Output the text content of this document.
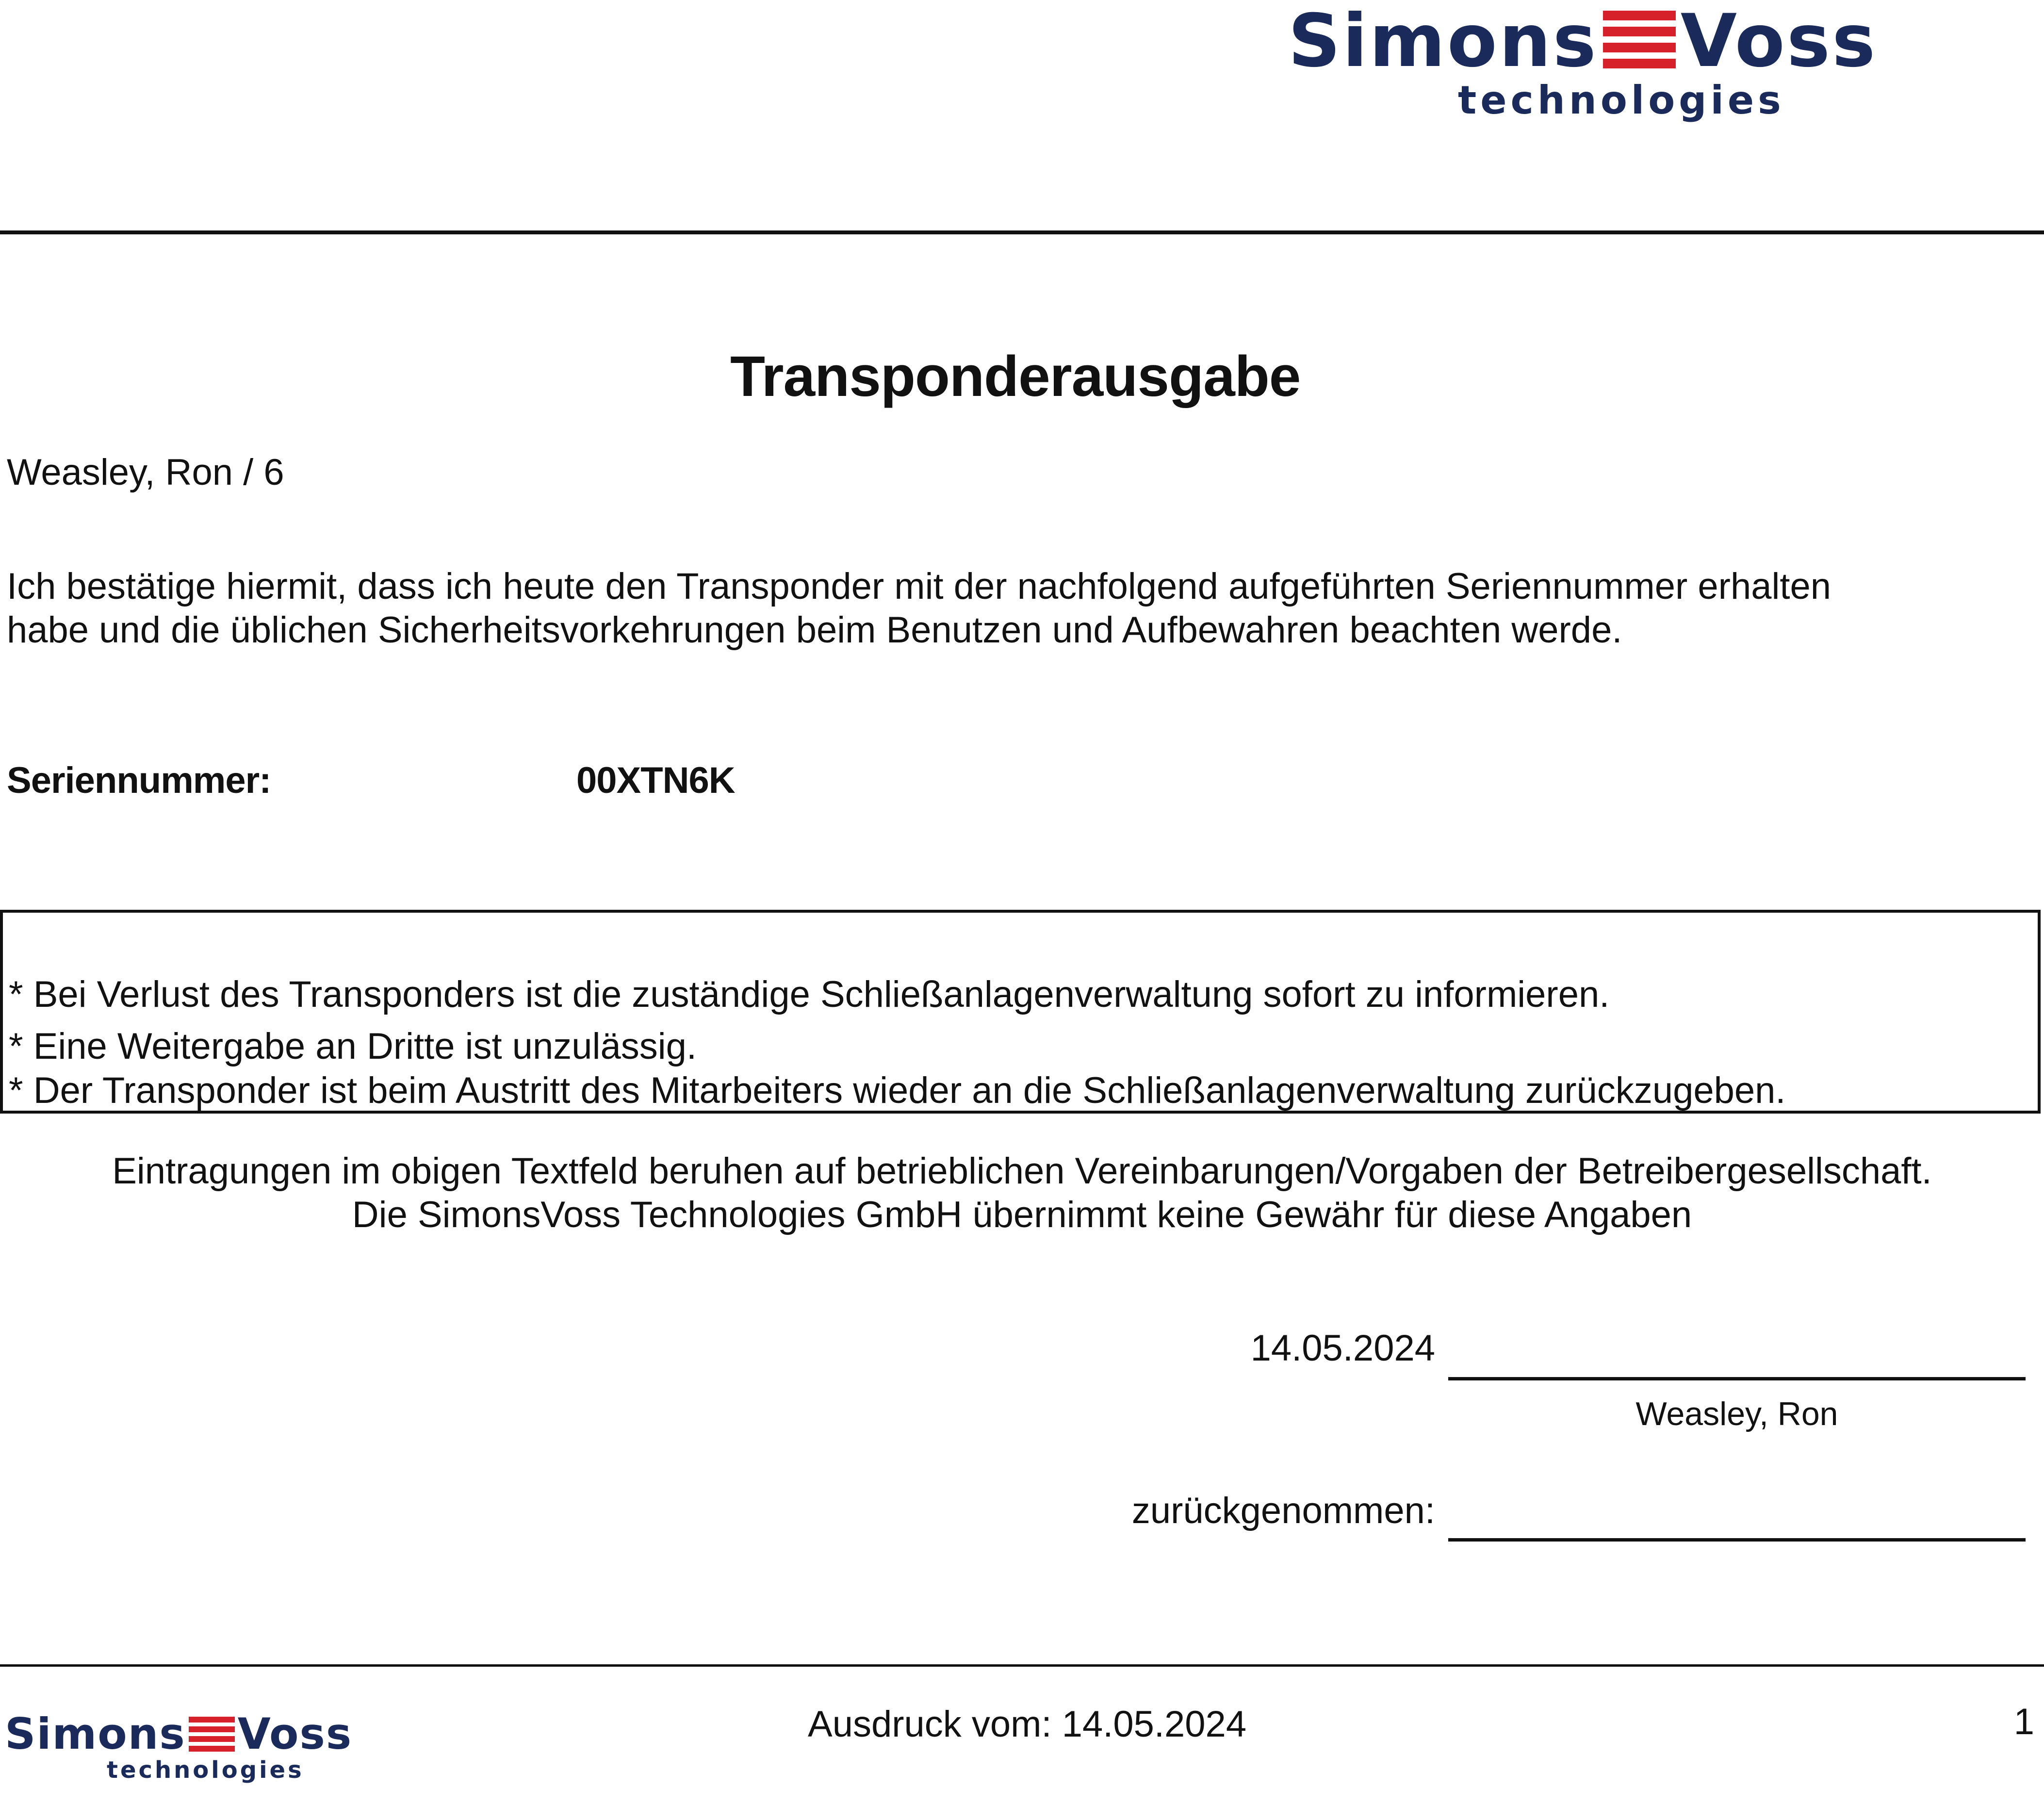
Simons Voss
technologies
Transponderausgabe
Weasley, Ron / 6
Ich bestätige hiermit, dass ich heute den Transponder mit der nachfolgend aufgeführten Seriennummer erhalten
habe und die üblichen Sicherheitsvorkehrungen beim Benutzen und Aufbewahren beachten werde.
Seriennummer:	00XTN6K
* Bei Verlust des Transponders ist die zuständige Schließanlagenverwaltung sofort zu informieren.
* Eine Weitergabe an Dritte ist unzulässig.
* Der Transponder ist beim Austritt des Mitarbeiters wieder an die Schließanlagenverwaltung zurückzugeben.
Eintragungen im obigen Textfeld beruhen auf betrieblichen Vereinbarungen/Vorgaben der Betreibergesellschaft.
Die SimonsVoss Technologies GmbH übernimmt keine Gewähr für diese Angaben
14.05.2024
Weasley, Ron
zurückgenommen:
Simons Voss
technologies
Ausdruck vom: 14.05.2024	1
